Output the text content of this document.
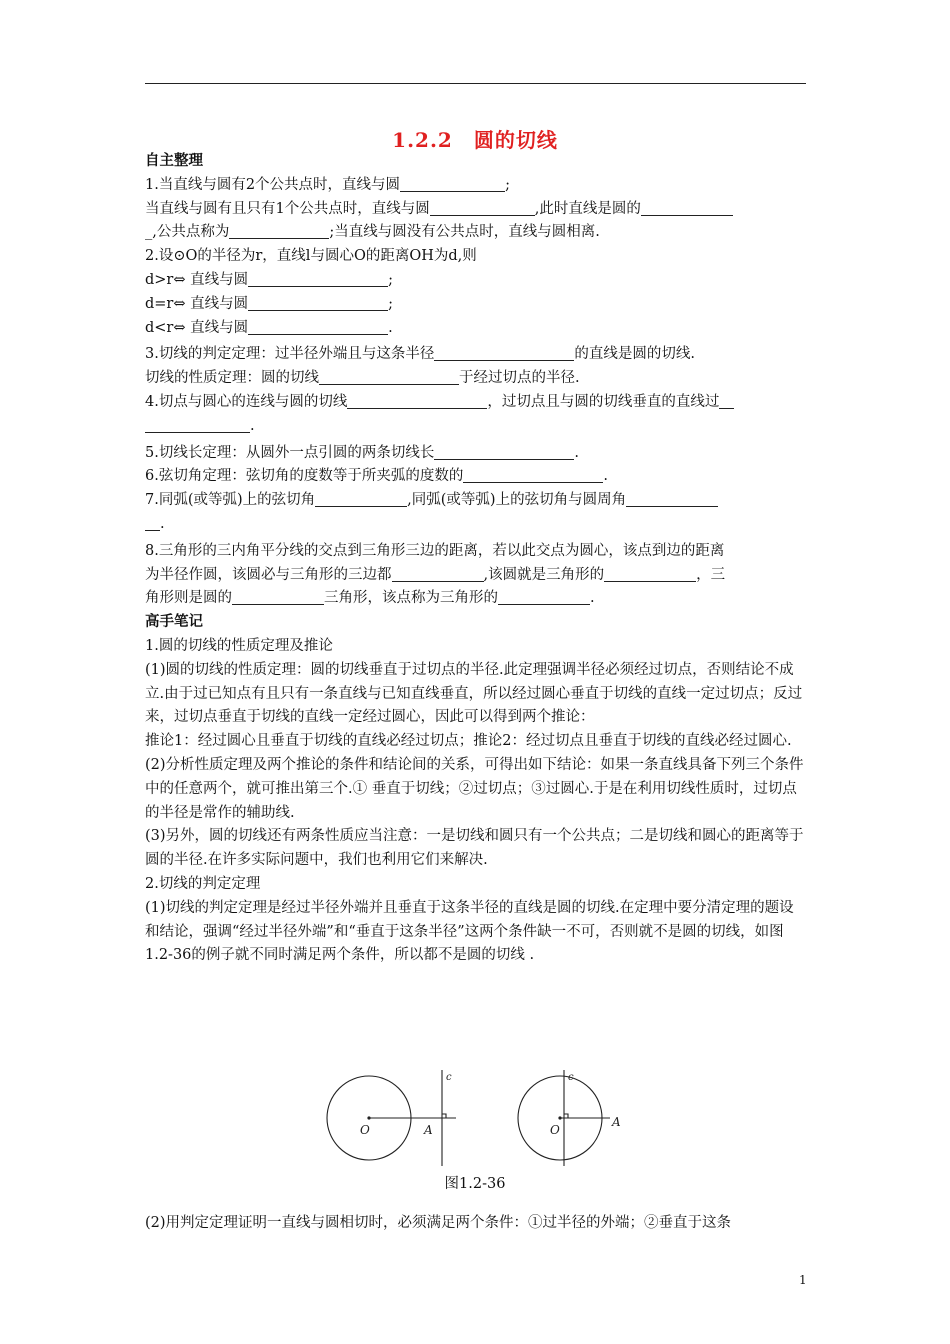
1.2.2　圆的切线

自主整理

1.当直线与圆有2个公共点时，直线与圆	;

当直线与圆有且只有1个公共点时，直线与圆	,此时直线是圆的

_,公共点称为	;当直线与圆没有公共点时，直线与圆相离.

2.设⊙O的半径为r，直线l与圆心O的距离OH为d,则

d>r⇔ 直线与圆	;

d=r⇔ 直线与圆	;

d<r⇔ 直线与圆	.

3.切线的判定定理：过半径外端且与这条半径	的直线是圆的切线.

切线的性质定理：圆的切线	于经过切点的半径.

4.切点与圆心的连线与圆的切线	，过切点且与圆的切线垂直的直线过

.

5.切线长定理：从圆外一点引圆的两条切线长	.

6.弦切角定理：弦切角的度数等于所夹弧的度数的	.

7.同弧(或等弧)上的弦切角	,同弧(或等弧)上的弦切角与圆周角

.

8.三角形的三内角平分线的交点到三角形三边的距离，若以此交点为圆心，该点到边的距离

为半径作圆，该圆必与三角形的三边都	,该圆就是三角形的	，三

角形则是圆的	三角形，该点称为三角形的	.

高手笔记

1.圆的切线的性质定理及推论

(1)圆的切线的性质定理：圆的切线垂直于过切点的半径.此定理强调半径必须经过切点，否则结论不成立.由于过已知点有且只有一条直线与已知直线垂直，所以经过圆心垂直于切线的直线一定过切点；反过来，过切点垂直于切线的直线一定经过圆心，因此可以得到两个推论：

推论1：经过圆心且垂直于切线的直线必经过切点；推论2：经过切点且垂直于切线的直线必经过圆心.

(2)分析性质定理及两个推论的条件和结论间的关系，可得出如下结论：如果一条直线具备下列三个条件中的任意两个，就可推出第三个.① 垂直于切线；②过切点；③过圆心.于是在利用切线性质时，过切点的半径是常作的辅助线.

(3)另外，圆的切线还有两条性质应当注意：一是切线和圆只有一个公共点；二是切线和圆心的距离等于圆的半径.在许多实际问题中，我们也利用它们来解决.

2.切线的判定定理

(1)切线的判定定理是经过半径外端并且垂直于这条半径的直线是圆的切线.在定理中要分清定理的题设和结论，强调“经过半径外端”和“垂直于这条半径”这两个条件缺一不可，否则就不是圆的切线，如图1.2-36的例子就不同时满足两个条件，所以都不是圆的切线 .

O	A
c
O
A
c
图1.2-36

(2)用判定定理证明一直线与圆相切时，必须满足两个条件：①过半径的外端；②垂直于这条

1
